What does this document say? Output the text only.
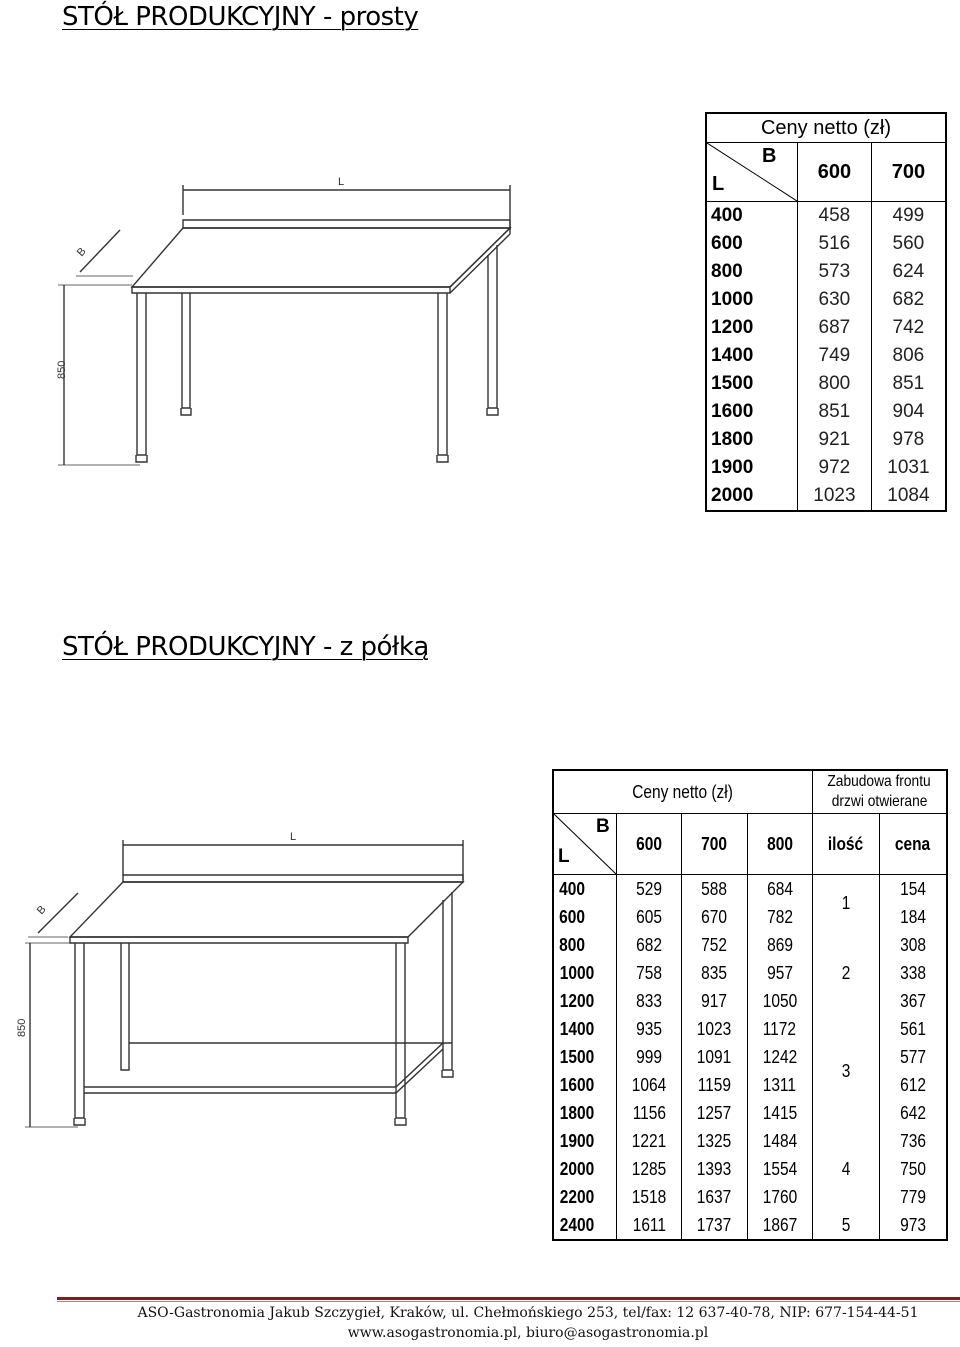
STÓŁ PRODUKCYJNY - prosty
L
B
850
Ceny netto (zł)		

B
L	600	700
400	458	499
600	516	560
800	573	624
1000	630	682
1200	687	742
1400	749	806
1500	800	851
1600	851	904
1800	921	978
1900	972	1031
2000	1023	1084
STÓŁ PRODUKCYJNY - z półką
L
B
850
Ceny netto (zł)				Zabudowa frontu
drzwi otwierane	

B
L	600	700	800	ilość	cena
400	529	588	684	1	154
600	605	670	782		184
800	682	752	869	2	308
1000	758	835	957		338
1200	833	917	1050		367
1400	935	1023	1172	3	561
1500	999	1091	1242		577
1600	1064	1159	1311		612
1800	1156	1257	1415		642
1900	1221	1325	1484	4	736
2000	1285	1393	1554		750
2200	1518	1637	1760		779
2400	1611	1737	1867	5	973

ASO-Gastronomia Jakub Szczygieł, Kraków, ul. Chełmońskiego 253, tel/fax: 12 637-40-78, NIP: 677-154-44-51

www.asogastronomia.pl, biuro@asogastronomia.pl
